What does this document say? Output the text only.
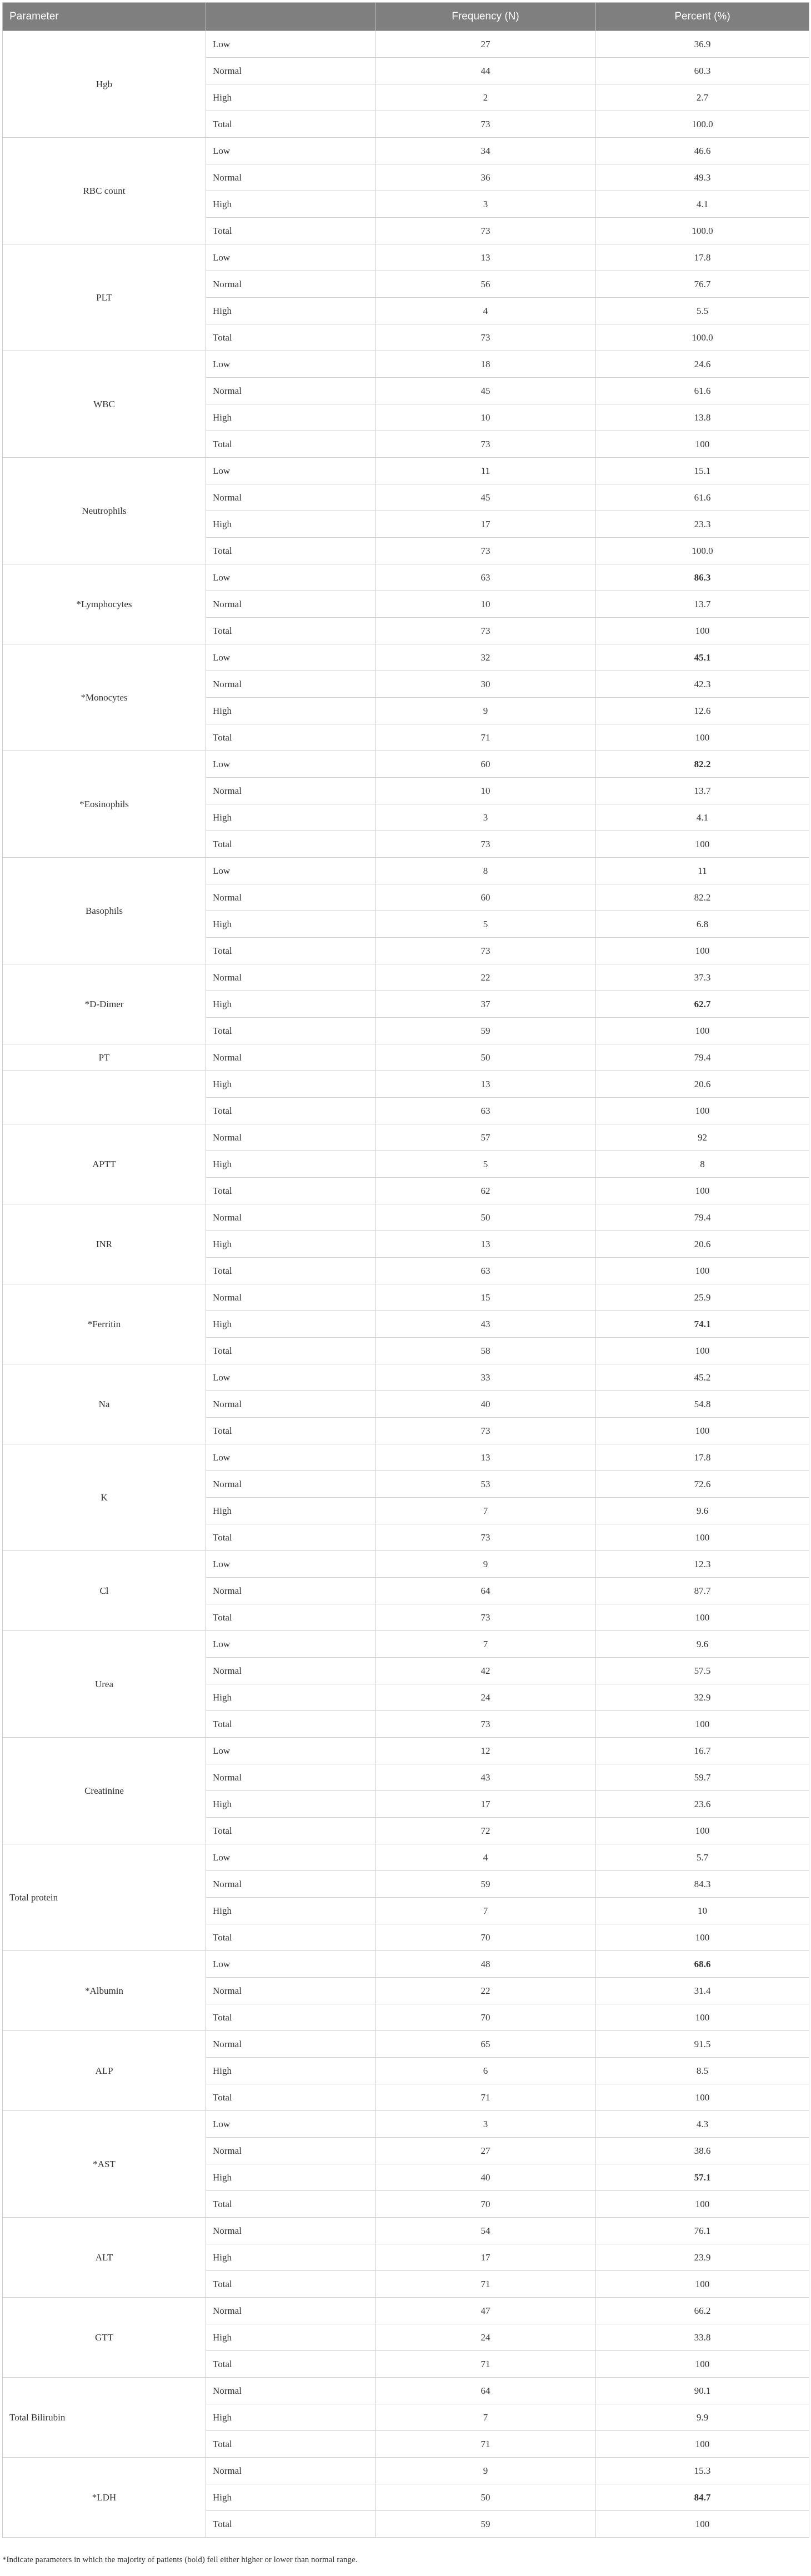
Parameter		Frequency (N)	Percent (%)
Hgb	Low	27	36.9
	Normal	44	60.3
	High	2	2.7
	Total	73	100.0
RBC count	Low	34	46.6
	Normal	36	49.3
	High	3	4.1
	Total	73	100.0
PLT	Low	13	17.8
	Normal	56	76.7
	High	4	5.5
	Total	73	100.0
WBC	Low	18	24.6
	Normal	45	61.6
	High	10	13.8
	Total	73	100
Neutrophils	Low	11	15.1
	Normal	45	61.6
	High	17	23.3
	Total	73	100.0
*Lymphocytes	Low	63	86.3
	Normal	10	13.7
	Total	73	100
*Monocytes	Low	32	45.1
	Normal	30	42.3
	High	9	12.6
	Total	71	100
*Eosinophils	Low	60	82.2
	Normal	10	13.7
	High	3	4.1
	Total	73	100
Basophils	Low	8	11
	Normal	60	82.2
	High	5	6.8
	Total	73	100
*D-Dimer	Normal	22	37.3
	High	37	62.7
	Total	59	100
PT	Normal	50	79.4
	High	13	20.6
	Total	63	100
APTT	Normal	57	92
	High	5	8
	Total	62	100
INR	Normal	50	79.4
	High	13	20.6
	Total	63	100
*Ferritin	Normal	15	25.9
	High	43	74.1
	Total	58	100
Na	Low	33	45.2
	Normal	40	54.8
	Total	73	100
K	Low	13	17.8
	Normal	53	72.6
	High	7	9.6
	Total	73	100
Cl	Low	9	12.3
	Normal	64	87.7
	Total	73	100
Urea	Low	7	9.6
	Normal	42	57.5
	High	24	32.9
	Total	73	100
Creatinine	Low	12	16.7
	Normal	43	59.7
	High	17	23.6
	Total	72	100
Total protein	Low	4	5.7
	Normal	59	84.3
	High	7	10
	Total	70	100
*Albumin	Low	48	68.6
	Normal	22	31.4
	Total	70	100
ALP	Normal	65	91.5
	High	6	8.5
	Total	71	100
*AST	Low	3	4.3
	Normal	27	38.6
	High	40	57.1
	Total	70	100
ALT	Normal	54	76.1
	High	17	23.9
	Total	71	100
GTT	Normal	47	66.2
	High	24	33.8
	Total	71	100
Total Bilirubin	Normal	64	90.1
	High	7	9.9
	Total	71	100
*LDH	Normal	9	15.3
	High	50	84.7
	Total	59	100
*Indicate parameters in which the majority of patients (bold) fell either higher or lower than normal range.
